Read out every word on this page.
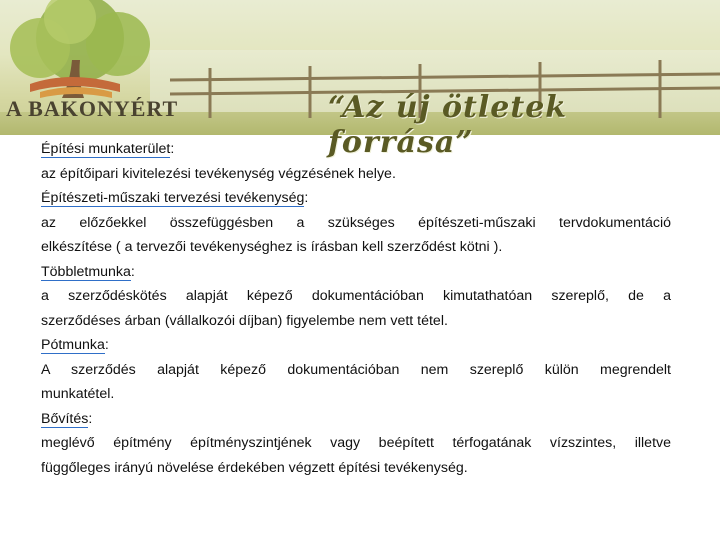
A BAKONYÉRT	“Az új ötletek forrása”

Építési munkaterület:

az építőipari kivitelezési tevékenység végzésének helye.

Építészeti-műszaki tervezési tevékenység:

az előzőekkel összefüggésben a szükséges építészeti-műszaki tervdokumentáció

elkészítése ( a tervezői tevékenységhez is írásban kell szerződést kötni ).

Többletmunka:

a szerződéskötés alapját képező dokumentációban kimutathatóan szereplő, de a

szerződéses árban (vállalkozói díjban) figyelembe nem vett tétel.

Pótmunka:

A szerződés alapját képező dokumentációban nem szereplő külön megrendelt

munkatétel.

Bővítés:

meglévő építmény építményszintjének vagy beépített térfogatának vízszintes, illetve

függőleges irányú növelése érdekében végzett építési tevékenység.
